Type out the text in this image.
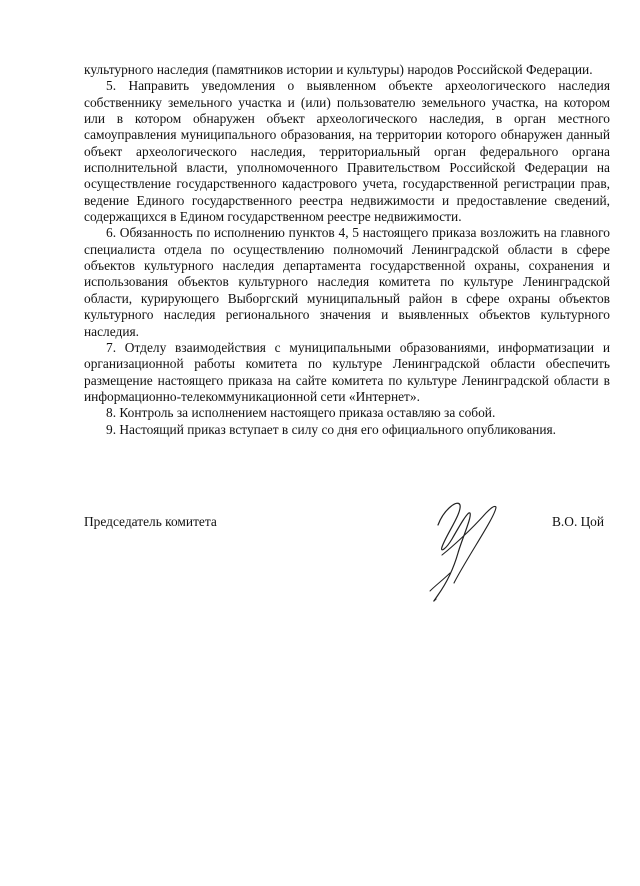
культурного наследия (памятников истории и культуры) народов Российской Федерации.

5. Направить уведомления о выявленном объекте археологического наследия собственнику земельного участка и (или) пользователю земельного участка, на котором или в котором обнаружен объект археологического наследия, в орган местного самоуправления муниципального образования, на территории которого обнаружен данный объект археологического наследия, территориальный орган федерального органа исполнительной власти, уполномоченного Правительством Российской Федерации на осуществление государственного кадастрового учета, государственной регистрации прав, ведение Единого государственного реестра недвижимости и предоставление сведений, содержащихся в Едином государственном реестре недвижимости.

6. Обязанность по исполнению пунктов 4, 5 настоящего приказа возложить на главного специалиста отдела по осуществлению полномочий Ленинградской области в сфере объектов культурного наследия департамента государственной охраны, сохранения и использования объектов культурного наследия комитета по культуре Ленинградской области, курирующего Выборгский муниципальный район в сфере охраны объектов культурного наследия регионального значения и выявленных объектов культурного наследия.

7. Отделу взаимодействия с муниципальными образованиями, информатизации и организационной работы комитета по культуре Ленинградской области обеспечить размещение настоящего приказа на сайте комитета по культуре Ленинградской области в информационно-телекоммуникационной сети «Интернет».

8. Контроль за исполнением настоящего приказа оставляю за собой.

9. Настоящий приказ вступает в силу со дня его официального опубликования.

Председатель комитета	В.О. Цой
